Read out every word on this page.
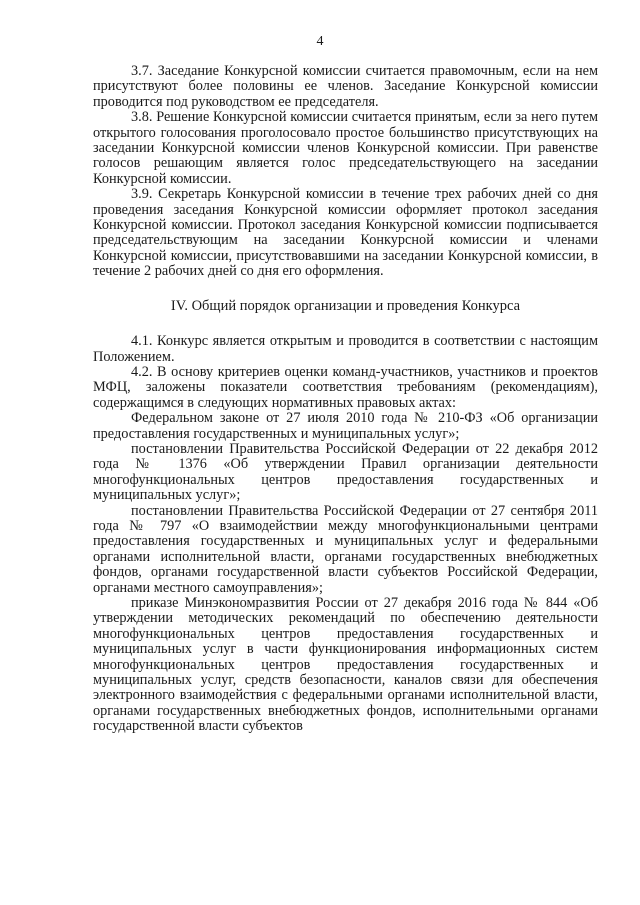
4

3.7. Заседание Конкурсной комиссии считается правомочным, если на нем присутствуют более половины ее членов. Заседание Конкурсной комиссии проводится под руководством ее председателя.

3.8. Решение Конкурсной комиссии считается принятым, если за него путем открытого голосования проголосовало простое большинство присутствующих на заседании Конкурсной комиссии членов Конкурсной комиссии. При равенстве голосов решающим является голос председательствующего на заседании Конкурсной комиссии.

3.9. Секретарь Конкурсной комиссии в течение трех рабочих дней со дня проведения заседания Конкурсной комиссии оформляет протокол заседания Конкурсной комиссии. Протокол заседания Конкурсной комиссии подписывается председательствующим на заседании Конкурсной комиссии и членами Конкурсной комиссии, присутствовавшими на заседании Конкурсной комиссии, в течение 2 рабочих дней со дня его оформления.

IV. Общий порядок организации и проведения Конкурса

4.1. Конкурс является открытым и проводится в соответствии с настоящим Положением.

4.2. В основу критериев оценки команд-участников, участников и проектов МФЦ, заложены показатели соответствия требованиям (рекомендациям), содержащимся в следующих нормативных правовых актах:

Федеральном законе от 27 июля 2010 года № 210-ФЗ «Об организации предоставления государственных и муниципальных услуг»;

постановлении Правительства Российской Федерации от 22 декабря 2012 года № 1376 «Об утверждении Правил организации деятельности многофункциональных центров предоставления государственных и муниципальных услуг»;

постановлении Правительства Российской Федерации от 27 сентября 2011 года № 797 «О взаимодействии между многофункциональными центрами предоставления государственных и муниципальных услуг и федеральными органами исполнительной власти, органами государственных внебюджетных фондов, органами государственной власти субъектов Российской Федерации, органами местного самоуправления»;

приказе Минэкономразвития России от 27 декабря 2016 года № 844 «Об утверждении методических рекомендаций по обеспечению деятельности многофункциональных центров предоставления государственных и муниципальных услуг в части функционирования информационных систем многофункциональных центров предоставления государственных и муниципальных услуг, средств безопасности, каналов связи для обеспечения электронного взаимодействия с федеральными органами исполнительной власти, органами государственных внебюджетных фондов, исполнительными органами государственной власти субъектов
